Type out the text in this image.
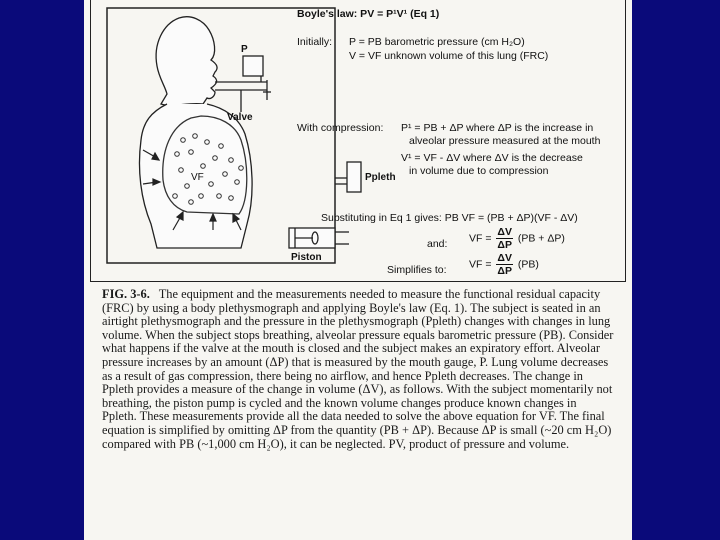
P
Valve
VF	Ppleth
Piston
Boyle's law: PV = P¹V¹ (Eq 1)
Initially: P = PB barometric pressure (cm H₂O)
V = VF unknown volume of this lung (FRC)
With compression: P¹ = PB + ΔP where ΔP is the increase in
alveolar pressure measured at the mouth
V¹ = VF - ΔV where ΔV is the decrease
in volume due to compression
Substituting in Eq 1 gives: PB VF = (PB + ΔP)(VF - ΔV)
and: VF = $\frac{\Delta V}{\Delta P} (PB + \Delta P)$
Simplifies to: VF = $\frac{\Delta V}{\Delta P} (PB)$
FIG. 3-6. The equipment and the measurements needed to measure the functional residual capacity (FRC) by using a body plethysmograph and applying Boyle's law (Eq. 1). The subject is seated in an airtight plethysmograph and the pressure in the plethysmograph (Ppleth) changes with changes in lung volume. When the subject stops breathing, alveolar pressure equals barometric pressure (PB). Consider what happens if the valve at the mouth is closed and the subject makes an expiratory effort. Alveolar pressure increases by an amount (ΔP) that is measured by the mouth gauge, P. Lung volume decreases as a result of gas compression, there being no airflow, and hence Ppleth decreases. The change in Ppleth provides a measure of the change in volume (ΔV), as follows. With the subject momentarily not breathing, the piston pump is cycled and the known volume changes produce known changes in Ppleth. These measurements provide all the data needed to solve the above equation for VF. The final equation is simplified by omitting ΔP from the quantity (PB + ΔP). Because ΔP is small (~20 cm H₂O) compared with PB (~1,000 cm H₂O), it can be neglected. PV, product of pressure and volume.
